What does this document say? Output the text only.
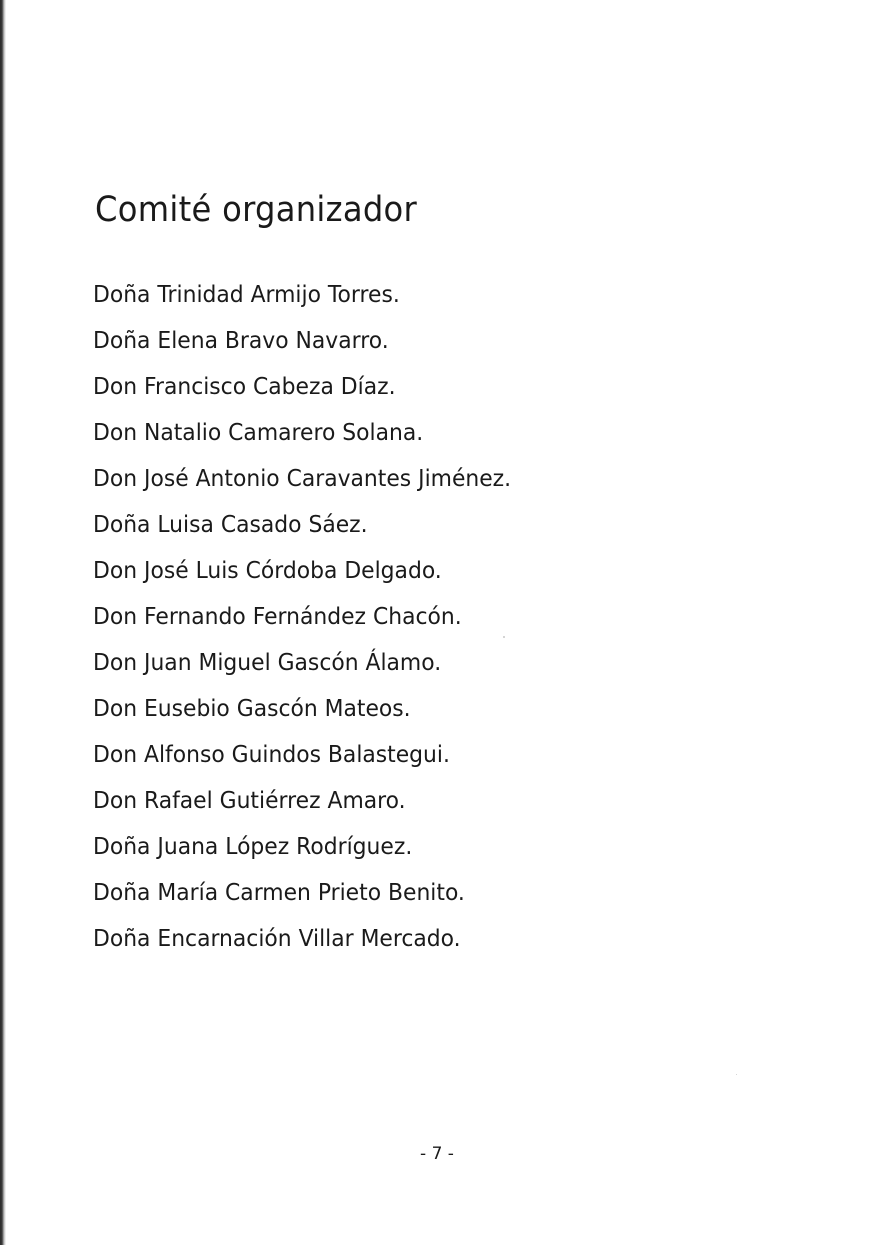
Comité organizador
Doña Trinidad Armijo Torres.
Doña Elena Bravo Navarro.
Don Francisco Cabeza Díaz.
Don Natalio Camarero Solana.
Don José Antonio Caravantes Jiménez.
Doña Luisa Casado Sáez.
Don José Luis Córdoba Delgado.
Don Fernando Fernández Chacón.
Don Juan Miguel Gascón Álamo.
Don Eusebio Gascón Mateos.
Don Alfonso Guindos Balastegui.
Don Rafael Gutiérrez Amaro.
Doña Juana López Rodríguez.
Doña María Carmen Prieto Benito.
Doña Encarnación Villar Mercado.
- 7 -
